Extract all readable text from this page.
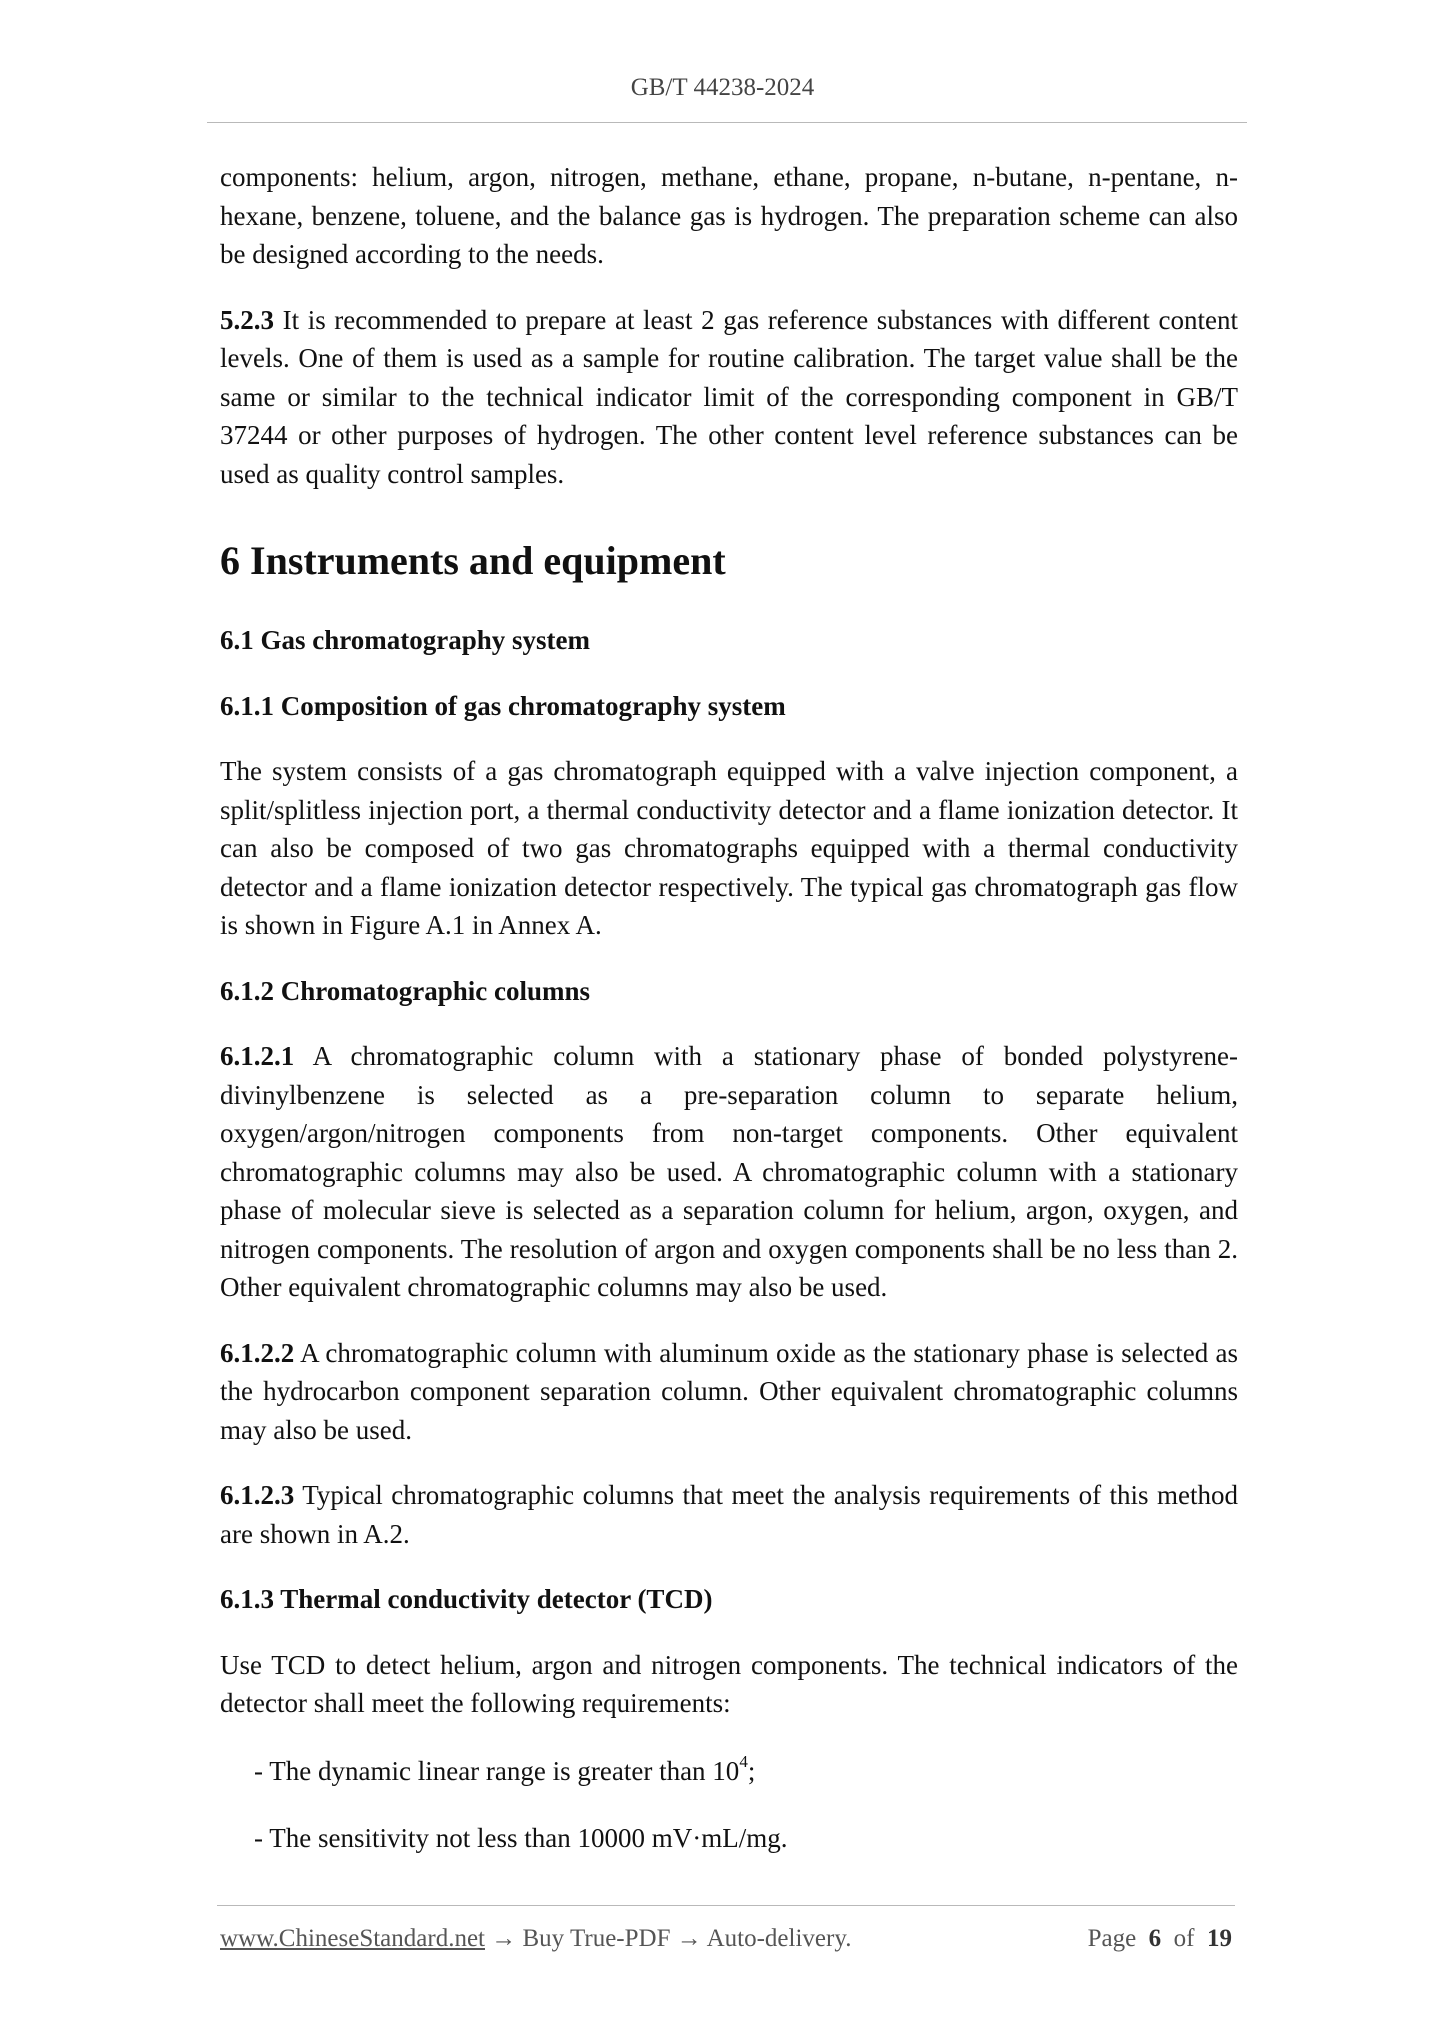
GB/T 44238-2024

components: helium, argon, nitrogen, methane, ethane, propane, n-butane, n-pentane, n-hexane, benzene, toluene, and the balance gas is hydrogen. The preparation scheme can also be designed according to the needs.

5.2.3 It is recommended to prepare at least 2 gas reference substances with different content levels. One of them is used as a sample for routine calibration. The target value shall be the same or similar to the technical indicator limit of the corresponding component in GB/T 37244 or other purposes of hydrogen. The other content level reference substances can be used as quality control samples.

6 Instruments and equipment
6.1 Gas chromatography system
6.1.1 Composition of gas chromatography system

The system consists of a gas chromatograph equipped with a valve injection component, a split/splitless injection port, a thermal conductivity detector and a flame ionization detector. It can also be composed of two gas chromatographs equipped with a thermal conductivity detector and a flame ionization detector respectively. The typical gas chromatograph gas flow is shown in Figure A.1 in Annex A.

6.1.2 Chromatographic columns

6.1.2.1 A chromatographic column with a stationary phase of bonded polystyrene-divinylbenzene is selected as a pre-separation column to separate helium, oxygen/argon/nitrogen components from non-target components. Other equivalent chromatographic columns may also be used. A chromatographic column with a stationary phase of molecular sieve is selected as a separation column for helium, argon, oxygen, and nitrogen components. The resolution of argon and oxygen components shall be no less than 2. Other equivalent chromatographic columns may also be used.

6.1.2.2 A chromatographic column with aluminum oxide as the stationary phase is selected as the hydrocarbon component separation column. Other equivalent chromatographic columns may also be used.

6.1.2.3 Typical chromatographic columns that meet the analysis requirements of this method are shown in A.2.

6.1.3 Thermal conductivity detector (TCD)

Use TCD to detect helium, argon and nitrogen components. The technical indicators of the detector shall meet the following requirements:

- The dynamic linear range is greater than $10^4$;

- The sensitivity not less than 10000 mV·mL/mg.

www.ChineseStandard.net → Buy True-PDF → Auto-delivery.	Page 6 of 19
